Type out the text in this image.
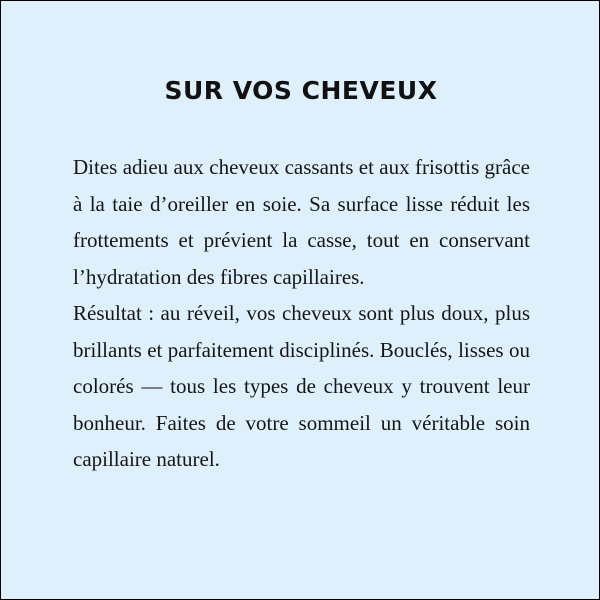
SUR VOS CHEVEUX

Dites adieu aux cheveux cassants et aux frisottis grâce à la taie d’oreiller en soie. Sa surface lisse réduit les frottements et prévient la casse, tout en conservant l’hydratation des fibres capillaires.

Résultat : au réveil, vos cheveux sont plus doux, plus brillants et parfaitement disciplinés. Bouclés, lisses ou colorés — tous les types de cheveux y trouvent leur bonheur. Faites de votre sommeil un véritable soin capillaire naturel.
